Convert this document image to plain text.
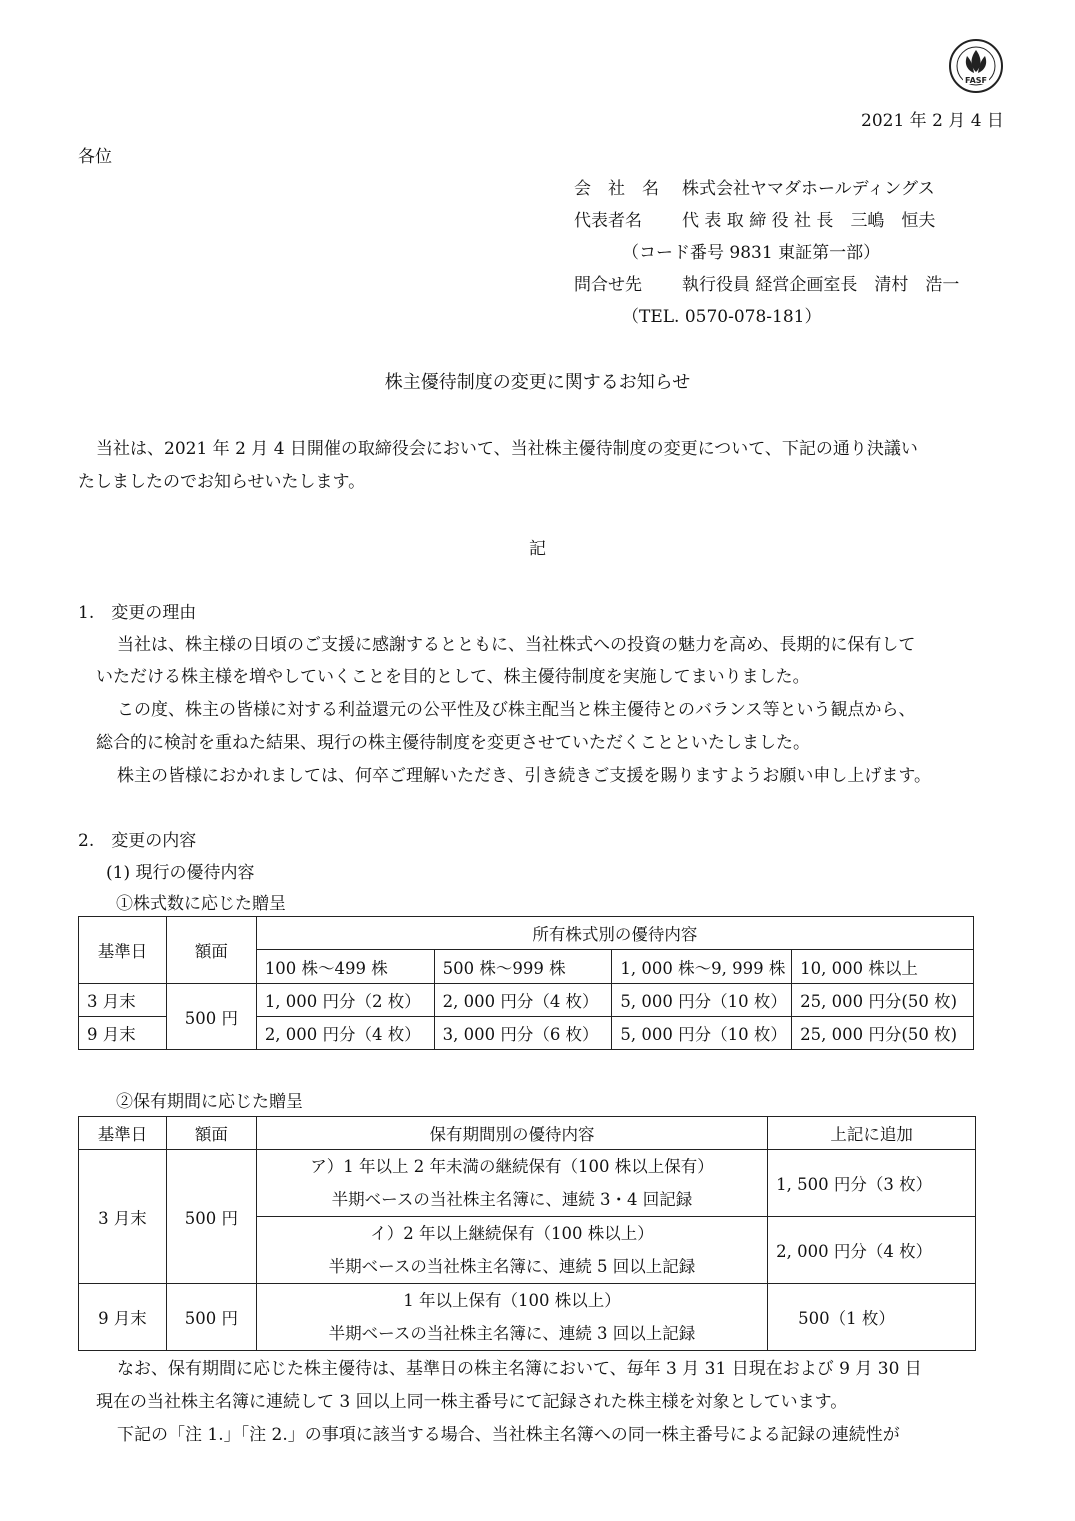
FASF
2021 年 2 月 4 日
各位
会　社　名 株式会社ヤマダホールディングス
代表者名 代 表 取 締 役 社 長　 三嶋　恒夫
（コード番号 9831 東証第一部）
問合せ先 執行役員 経営企画室長　清村　浩一
（TEL. 0570-078-181）
株主優待制度の変更に関するお知らせ
当社は、2021 年 2 月 4 日開催の取締役会において、当社株主優待制度の変更について、下記の通り決議い
たしましたのでお知らせいたします。
記
1.　変更の理由
当社は、株主様の日頃のご支援に感謝するとともに、当社株式への投資の魅力を高め、長期的に保有して
いただける株主様を増やしていくことを目的として、株主優待制度を実施してまいりました。
この度、株主の皆様に対する利益還元の公平性及び株主配当と株主優待とのバランス等という観点から、
総合的に検討を重ねた結果、現行の株主優待制度を変更させていただくことといたしました。
株主の皆様におかれましては、何卒ご理解いただき、引き続きご支援を賜りますようお願い申し上げます。
2.　変更の内容
(1) 現行の優待内容
①株式数に応じた贈呈
基準日	額面	所有株式別の優待内容			
		100 株～499 株	500 株～999 株	1, 000 株～9, 999 株	10, 000 株以上
3 月末	500 円	1, 000 円分（2 枚）	2, 000 円分（4 枚）	5, 000 円分（10 枚）	25, 000 円分(50 枚)
9 月末		2, 000 円分（4 枚）	3, 000 円分（6 枚）	5, 000 円分（10 枚）	25, 000 円分(50 枚)
②保有期間に応じた贈呈
基準日	額面	保有期間別の優待内容	上記に追加
3 月末	500 円	ア）1 年以上 2 年未満の継続保有（100 株以上保有）
半期ベースの当社株主名簿に、連続 3・4 回記録	1, 500 円分（3 枚）

		イ）2 年以上継続保有（100 株以上）
半期ベースの当社株主名簿に、連続 5 回以上記録	2, 000 円分（4 枚）
9 月末	500 円	1 年以上保有（100 株以上）
半期ベースの当社株主名簿に、連続 3 回以上記録	500（1 枚）
なお、保有期間に応じた株主優待は、基準日の株主名簿において、毎年 3 月 31 日現在および 9 月 30 日
現在の当社株主名簿に連続して 3 回以上同一株主番号にて記録された株主様を対象としています。
下記の「注 1.」「注 2.」の事項に該当する場合、当社株主名簿への同一株主番号による記録の連続性が
